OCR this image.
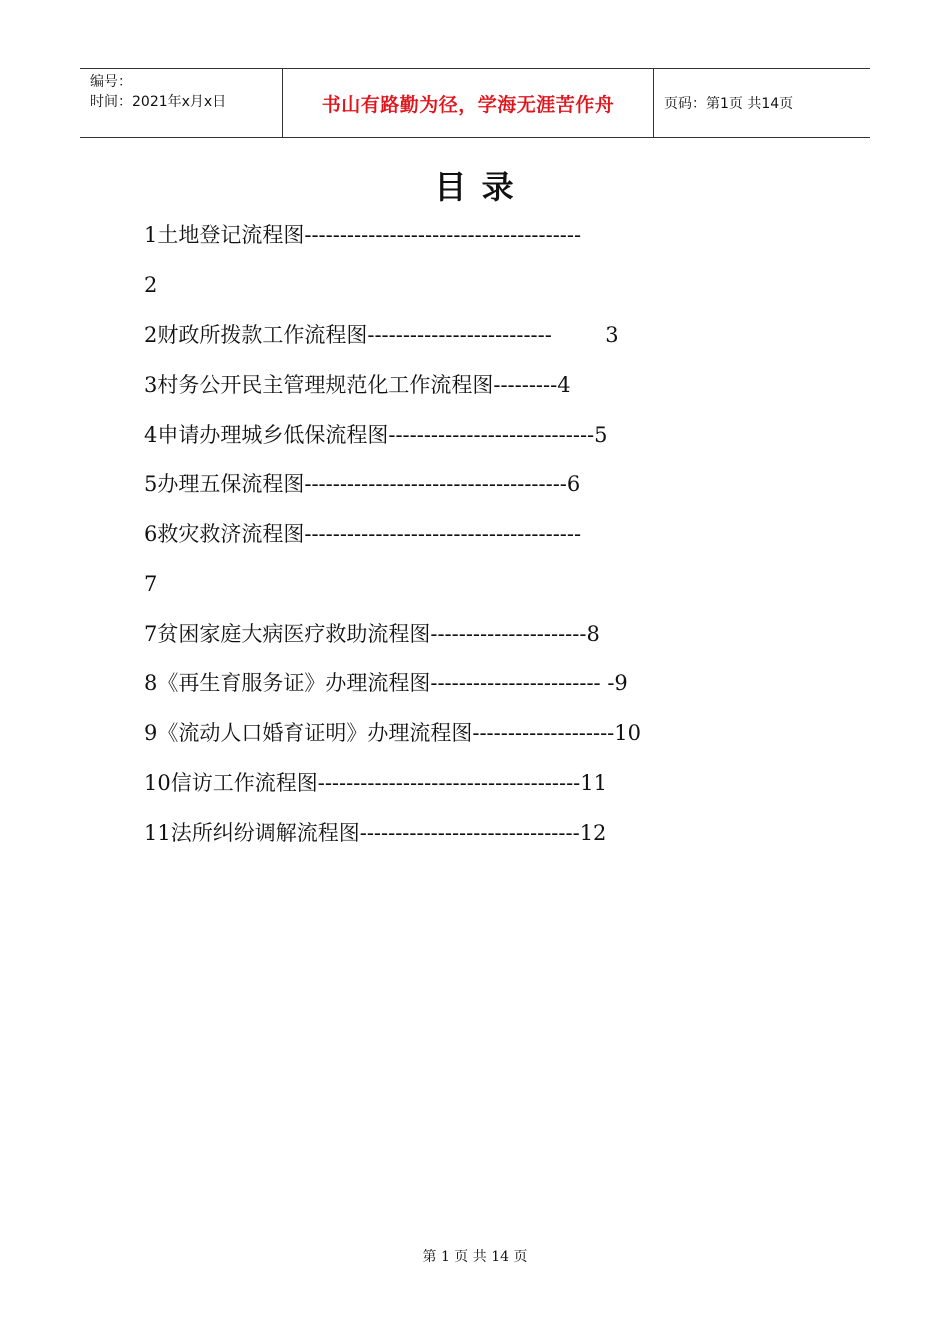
编号：
时间：2021年x月x日	书山有路勤为径，学海无涯苦作舟	页码：第1页 共14页
目 录
1土地登记流程图---------------------------------------
2
2财政所拨款工作流程图--------------------------        3
3村务公开民主管理规范化工作流程图---------4
4申请办理城乡低保流程图-----------------------------5
5办理五保流程图-------------------------------------6
6救灾救济流程图---------------------------------------
7
7贫困家庭大病医疗救助流程图----------------------8
8《再生育服务证》办理流程图------------------------ -9
9《流动人口婚育证明》办理流程图--------------------10
10信访工作流程图-------------------------------------11
11法所纠纷调解流程图-------------------------------12
第 1 页 共 14 页
